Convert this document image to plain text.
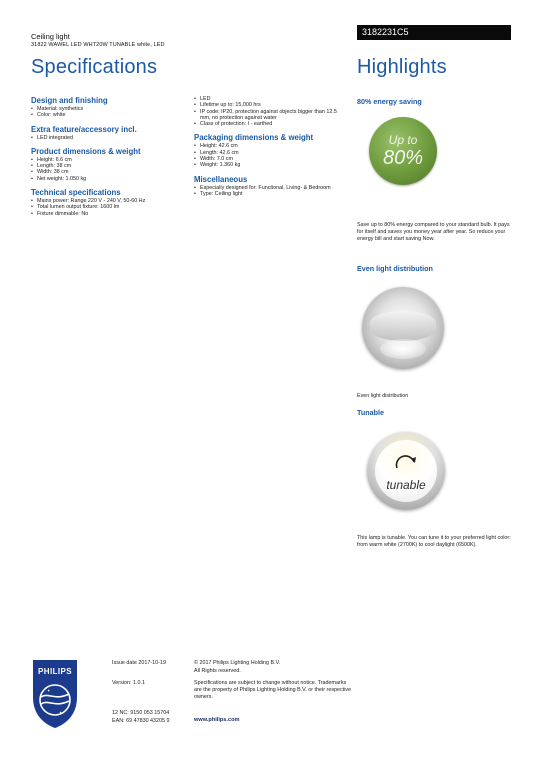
Ceiling light
31822 WAWEL LED WHT20W TUNABLE white, LED
3182231C5
Specifications	Highlights
Design and finishing
• Material: synthetics
• Color: white
Extra feature/accessory incl.
• LED integrated
Product dimensions & weight
• Height: 6.6 cm
• Length: 38 cm
• Width: 38 cm
• Net weight: 1.050 kg
Technical specifications
• Mains power: Range 220 V - 240 V, 50-60 Hz
• Total lumen output fixture: 1600 lm
• Fixture dimmable: No
• LED
• Lifetime up to: 15,000 hrs
• IP code: IP20, protection against objects bigger than 12.5 mm, no protection against water
• Class of protection: I - earthed
Packaging dimensions & weight
• Height: 42.6 cm
• Length: 42.6 cm
• Width: 7.0 cm
• Weight: 1.360 kg
Miscellaneous
• Especially designed for: Functional, Living- & Bedroom
• Type: Ceiling light
80% energy saving
Up to
80%
Save up to 80% energy compared to your standard bulb. It pays for itself and saves you money year after year. So reduce your energy bill and start saving Now.
Even light distribution
Even light distribution
Tunable
tunable
This lamp is tunable. You can tune it to your preferred light color: from warm white (2700K) to cool daylight (6500K).
✦
✦
PHILIPS
Issue date 2017-10-19
Version: 1.0.1
12 NC: 9150 053 15704
EAN: 69 47830 43205 9
© 2017 Philips Lighting Holding B.V.
All Rights reserved.
Specifications are subject to change without notice. Trademarks are the property of Philips Lighting Holding B.V. or their respective owners.
www.philips.com
